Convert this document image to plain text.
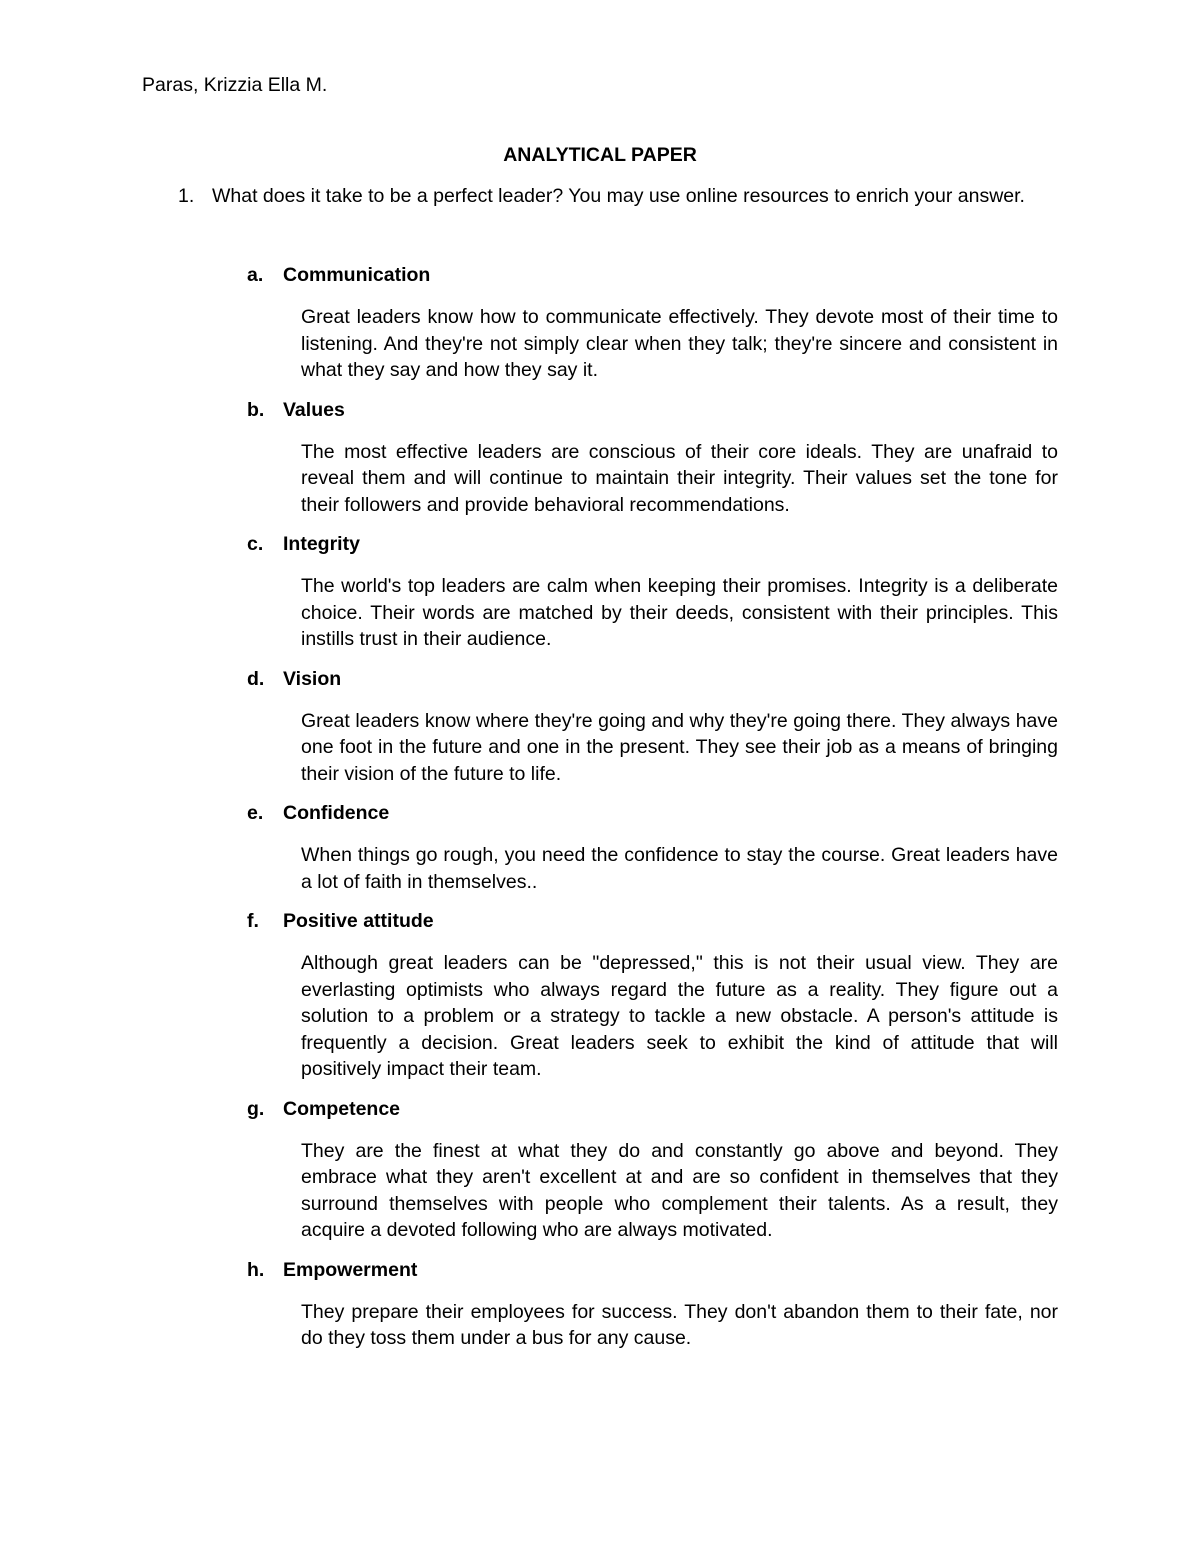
Paras, Krizzia Ella M.
ANALYTICAL PAPER
1. What does it take to be a perfect leader? You may use online resources to enrich your answer.
a. Communication
Great leaders know how to communicate effectively. They devote most of their time to listening. And they're not simply clear when they talk; they're sincere and consistent in what they say and how they say it.
b. Values
The most effective leaders are conscious of their core ideals. They are unafraid to reveal them and will continue to maintain their integrity. Their values set the tone for their followers and provide behavioral recommendations.
c. Integrity
The world's top leaders are calm when keeping their promises. Integrity is a deliberate choice. Their words are matched by their deeds, consistent with their principles. This instills trust in their audience.
d. Vision
Great leaders know where they're going and why they're going there. They always have one foot in the future and one in the present. They see their job as a means of bringing their vision of the future to life.
e. Confidence
When things go rough, you need the confidence to stay the course. Great leaders have a lot of faith in themselves..
f. Positive attitude
Although great leaders can be "depressed," this is not their usual view. They are everlasting optimists who always regard the future as a reality. They figure out a solution to a problem or a strategy to tackle a new obstacle. A person's attitude is frequently a decision. Great leaders seek to exhibit the kind of attitude that will positively impact their team.
g. Competence
They are the finest at what they do and constantly go above and beyond. They embrace what they aren't excellent at and are so confident in themselves that they surround themselves with people who complement their talents. As a result, they acquire a devoted following who are always motivated.
h. Empowerment
They prepare their employees for success. They don't abandon them to their fate, nor do they toss them under a bus for any cause.
